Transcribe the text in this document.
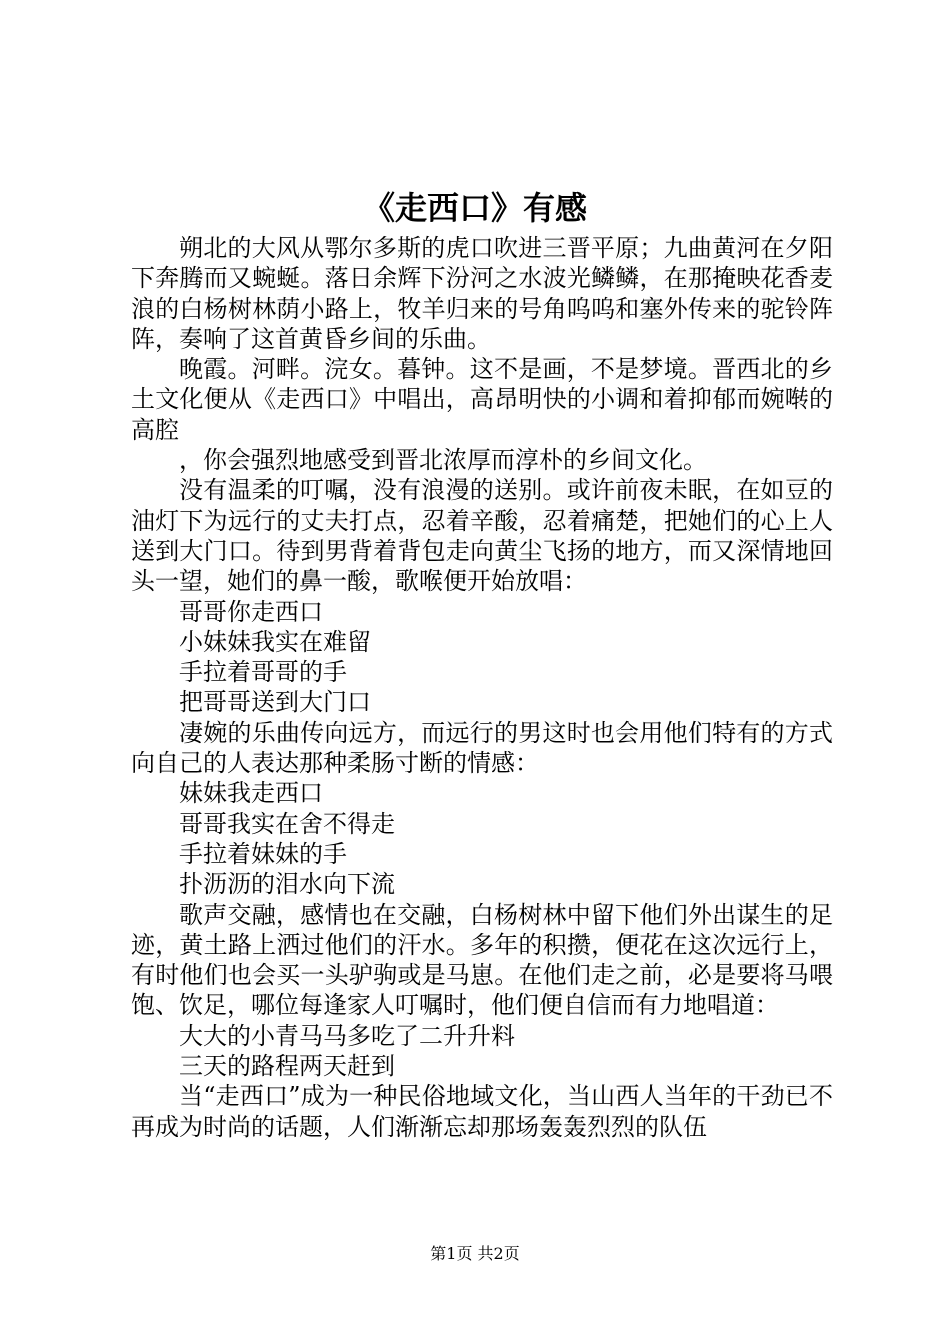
《走西口》有感

朔北的大风从鄂尔多斯的虎口吹进三晋平原；九曲黄河在夕阳下奔腾而又蜿蜒。落日余辉下汾河之水波光鳞鳞，在那掩映花香麦浪的白杨树林荫小路上，牧羊归来的号角呜呜和塞外传来的驼铃阵阵，奏响了这首黄昏乡间的乐曲。

晚霞。河畔。浣女。暮钟。这不是画，不是梦境。晋西北的乡土文化便从《走西口》中唱出，高昂明快的小调和着抑郁而婉啭的高腔

，你会强烈地感受到晋北浓厚而淳朴的乡间文化。

没有温柔的叮嘱，没有浪漫的送别。或许前夜未眠，在如豆的油灯下为远行的丈夫打点，忍着辛酸，忍着痛楚，把她们的心上人送到大门口。待到男背着背包走向黄尘飞扬的地方，而又深情地回头一望，她们的鼻一酸，歌喉便开始放唱：

哥哥你走西口

小妹妹我实在难留

手拉着哥哥的手

把哥哥送到大门口

凄婉的乐曲传向远方，而远行的男这时也会用他们特有的方式向自己的人表达那种柔肠寸断的情感：

妹妹我走西口

哥哥我实在舍不得走

手拉着妹妹的手

扑沥沥的泪水向下流

歌声交融，感情也在交融，白杨树林中留下他们外出谋生的足迹，黄土路上洒过他们的汗水。多年的积攒，便花在这次远行上，有时他们也会买一头驴驹或是马崽。在他们走之前，必是要将马喂饱、饮足，哪位每逢家人叮嘱时，他们便自信而有力地唱道：

大大的小青马马多吃了二升升料

三天的路程两天赶到

当“走西口”成为一种民俗地域文化，当山西人当年的干劲已不再成为时尚的话题，人们渐渐忘却那场轰轰烈烈的队伍

第1页 共2页
